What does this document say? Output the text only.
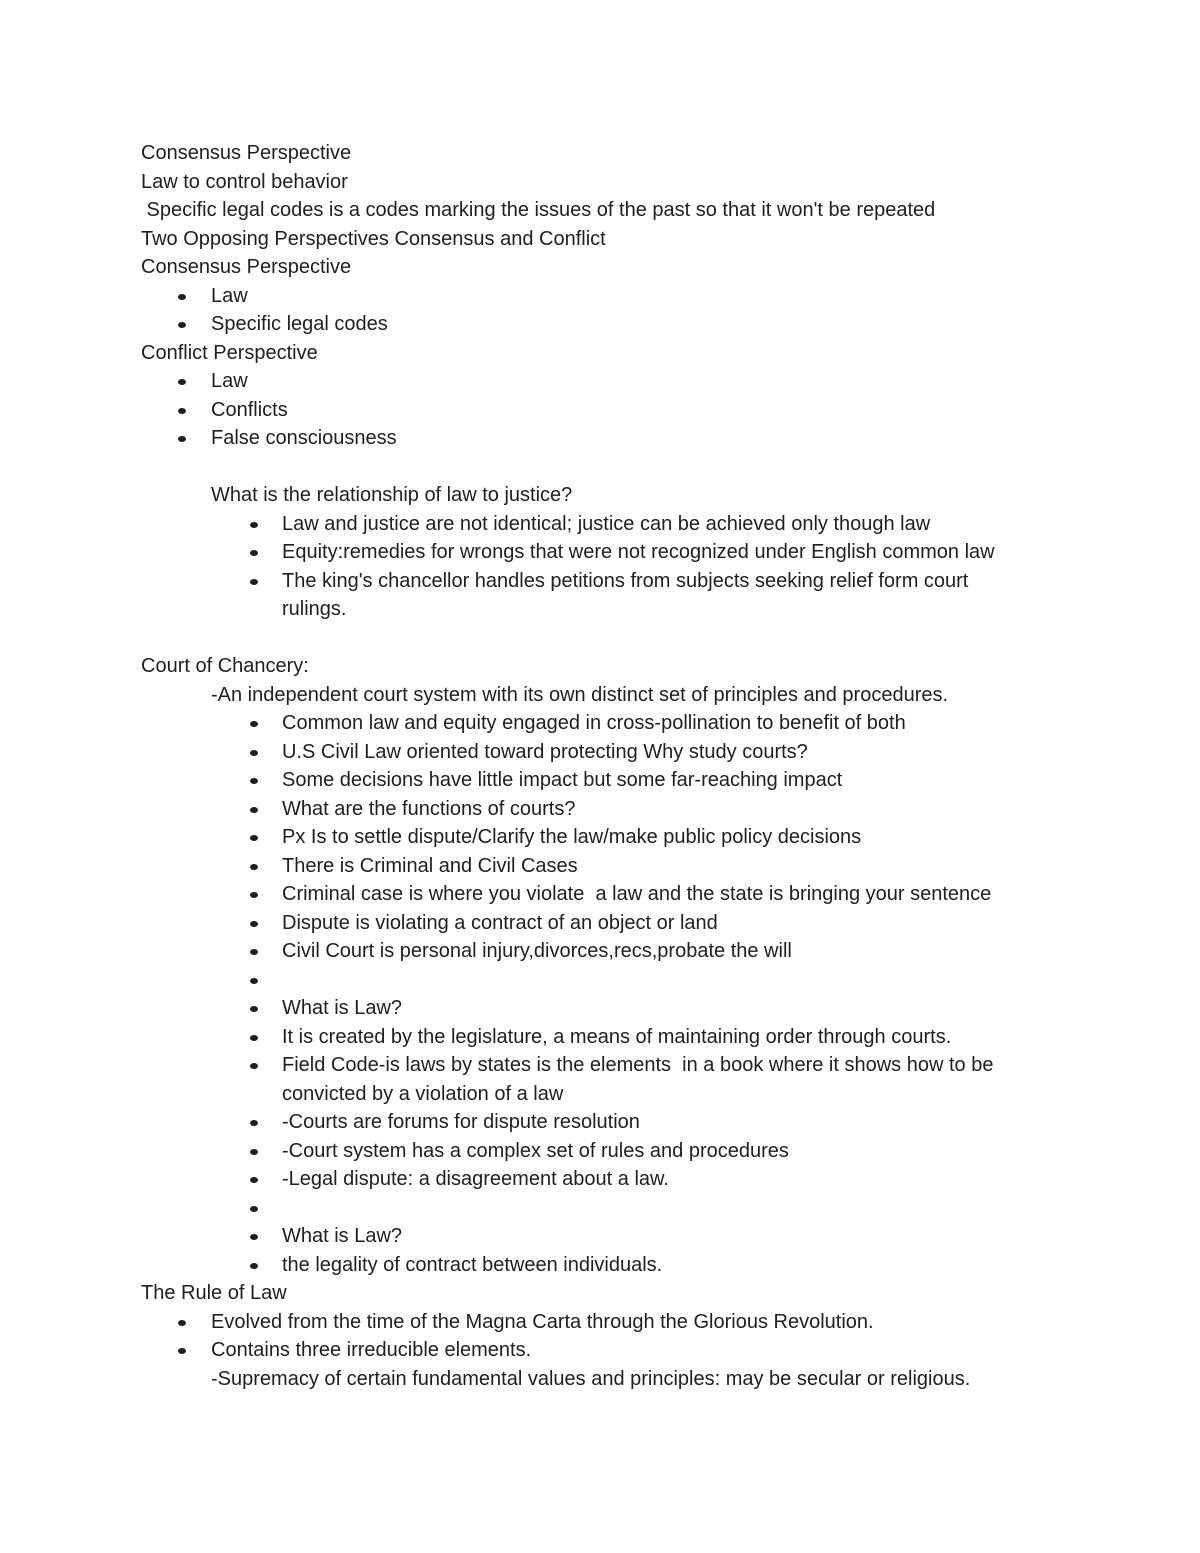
Consensus Perspective
Law to control behavior
Specific legal codes is a codes marking the issues of the past so that it won't be repeated
Two Opposing Perspectives Consensus and Conflict
Consensus Perspective
Law
Specific legal codes
Conflict Perspective
Law
Conflicts
False consciousness
What is the relationship of law to justice?
Law and justice are not identical; justice can be achieved only though law
Equity:remedies for wrongs that were not recognized under English common law
The king's chancellor handles petitions from subjects seeking relief form court
rulings.
Court of Chancery:
-An independent court system with its own distinct set of principles and procedures.
Common law and equity engaged in cross-pollination to benefit of both
U.S Civil Law oriented toward protecting Why study courts?
Some decisions have little impact but some far-reaching impact
What are the functions of courts?
Px Is to settle dispute/Clarify the law/make public policy decisions
There is Criminal and Civil Cases
Criminal case is where you violate  a law and the state is bringing your sentence
Dispute is violating a contract of an object or land
Civil Court is personal injury,divorces,recs,probate the will
What is Law?
It is created by the legislature, a means of maintaining order through courts.
Field Code-is laws by states is the elements  in a book where it shows how to be
convicted by a violation of a law
-Courts are forums for dispute resolution
-Court system has a complex set of rules and procedures
-Legal dispute: a disagreement about a law.
What is Law?
the legality of contract between individuals.
The Rule of Law
Evolved from the time of the Magna Carta through the Glorious Revolution.
Contains three irreducible elements.
-Supremacy of certain fundamental values and principles: may be secular or religious.
